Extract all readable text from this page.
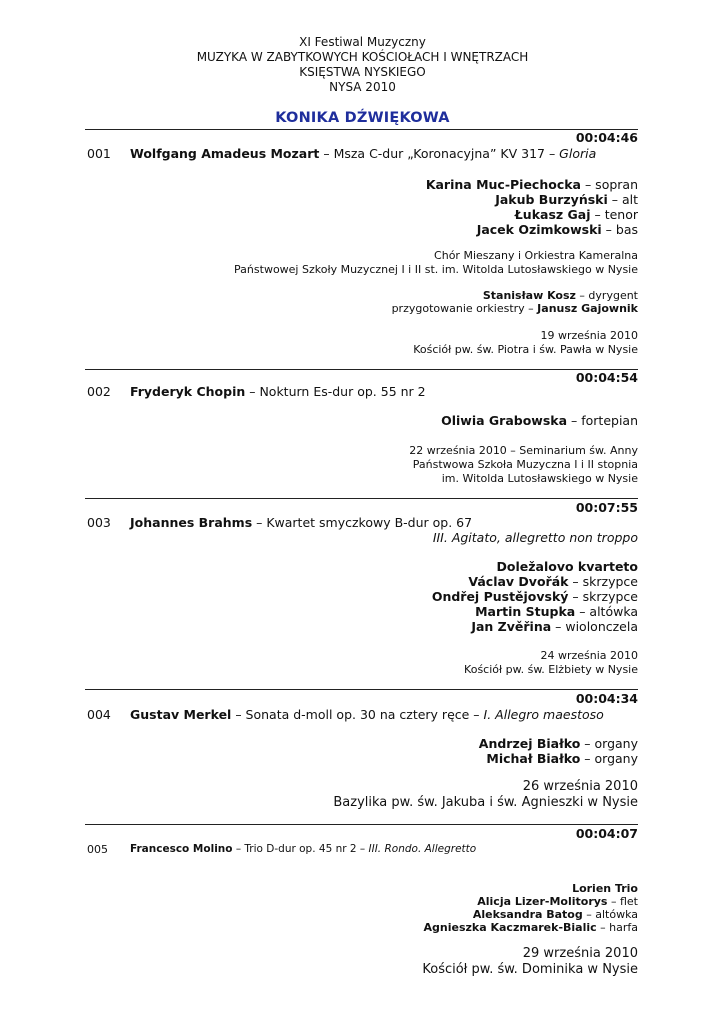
XI Festiwal Muzyczny
MUZYKA W ZABYTKOWYCH KOŚCIOŁACH I WNĘTRZACH
KSIĘSTWA NYSKIEGO
NYSA 2010
KONIKA DŹWIĘKOWA
00:04:46
001 Wolfgang Amadeus Mozart – Msza C-dur „Koronacyjna” KV 317 – Gloria
Karina Muc-Piechocka – sopran
Jakub Burzyński – alt
Łukasz Gaj – tenor
Jacek Ozimkowski – bas
Chór Mieszany i Orkiestra Kameralna
Państwowej Szkoły Muzycznej I i II st. im. Witolda Lutosławskiego w Nysie
Stanisław Kosz – dyrygent
przygotowanie orkiestry – Janusz Gajownik
19 września 2010
Kościół pw. św. Piotra i św. Pawła w Nysie
00:04:54
002 Fryderyk Chopin – Nokturn Es-dur op. 55 nr 2
Oliwia Grabowska – fortepian
22 września 2010 – Seminarium św. Anny
Państwowa Szkoła Muzyczna I i II stopnia
im. Witolda Lutosławskiego w Nysie
00:07:55
003 Johannes Brahms – Kwartet smyczkowy B-dur op. 67
III. Agitato, allegretto non troppo
Doležalovo kvarteto
Václav Dvořák – skrzypce
Ondřej Pustějovský – skrzypce
Martin Stupka – altówka
Jan Zvěřina – wiolonczela
24 września 2010
Kościół pw. św. Elżbiety w Nysie
00:04:34
004 Gustav Merkel – Sonata d-moll op. 30 na cztery ręce – I. Allegro maestoso
Andrzej Białko – organy
Michał Białko – organy
26 września 2010
Bazylika pw. św. Jakuba i św. Agnieszki w Nysie
00:04:07
005 Francesco Molino – Trio D-dur op. 45 nr 2 – III. Rondo. Allegretto
Lorien Trio
Alicja Lizer-Molitorys – flet
Aleksandra Batog – altówka
Agnieszka Kaczmarek-Bialic – harfa
29 września 2010
Kościół pw. św. Dominika w Nysie
